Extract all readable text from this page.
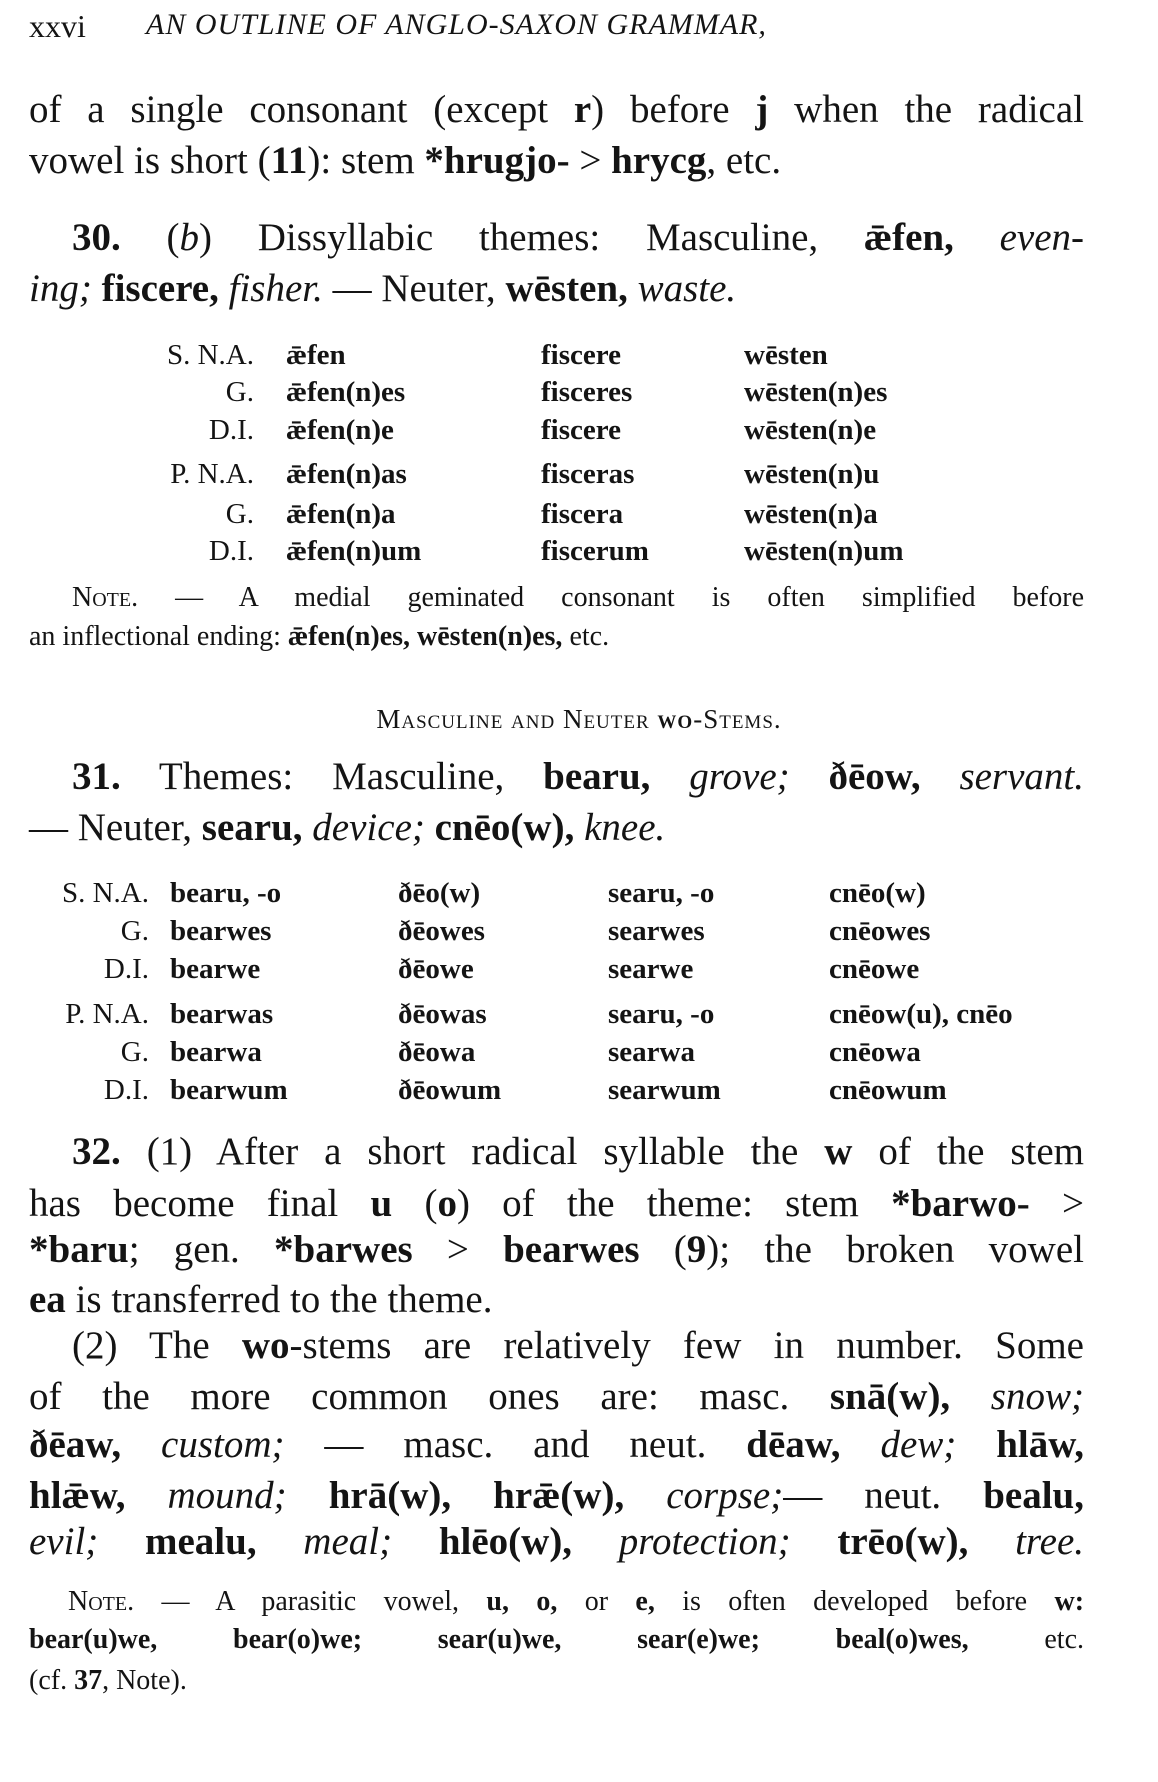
xxvi AN OUTLINE OF ANGLO-SAXON GRAMMAR,
of a single consonant (except r) before j when the radical
vowel is short (11): stem *hrugjo- > hrycg, etc.
30. (b) Dissyllabic themes: Masculine, ǣfen, even-
ing; fiscere, fisher. — Neuter, wēsten, waste.
S. N.A. ǣfen	fiscere	wēsten
G. ǣfen(n)es	fisceres	wēsten(n)es
D.I. ǣfen(n)e	fiscere	wēsten(n)e
P. N.A. ǣfen(n)as	fisceras	wēsten(n)u
G. ǣfen(n)a	fiscera	wēsten(n)a
D.I. ǣfen(n)um	fiscerum	wēsten(n)um
Note. — A medial geminated consonant is often simplified before
an inflectional ending: ǣfen(n)es, wēsten(n)es, etc.
Masculine and Neuter wo-Stems.
31. Themes: Masculine, bearu, grove; ðēow, servant.
— Neuter, searu, device; cnēo(w), knee.
S. N.A. bearu, -o	ðēo(w)	searu, -o	cnēo(w)
G. bearwes	ðēowes	searwes	cnēowes
D.I. bearwe	ðēowe	searwe	cnēowe
P. N.A. bearwas	ðēowas	searu, -o	cnēow(u), cnēo
G. bearwa	ðēowa	searwa	cnēowa
D.I. bearwum	ðēowum	searwum	cnēowum
32. (1) After a short radical syllable the w of the stem
has become final u (o) of the theme: stem *barwo- >
*baru; gen. *barwes > bearwes (9); the broken vowel
ea is transferred to the theme.
(2) The wo-stems are relatively few in number. Some
of the more common ones are: masc. snā(w), snow;
ðēaw, custom; — masc. and neut. dēaw, dew; hlāw,
hlǣw, mound; hrā(w), hrǣ(w), corpse;— neut. bealu,
evil; mealu, meal; hlēo(w), protection; trēo(w), tree.
Note. — A parasitic vowel, u, o, or e, is often developed before w:
bear(u)we, bear(o)we; sear(u)we, sear(e)we; beal(o)wes, etc.
(cf. 37, Note).
